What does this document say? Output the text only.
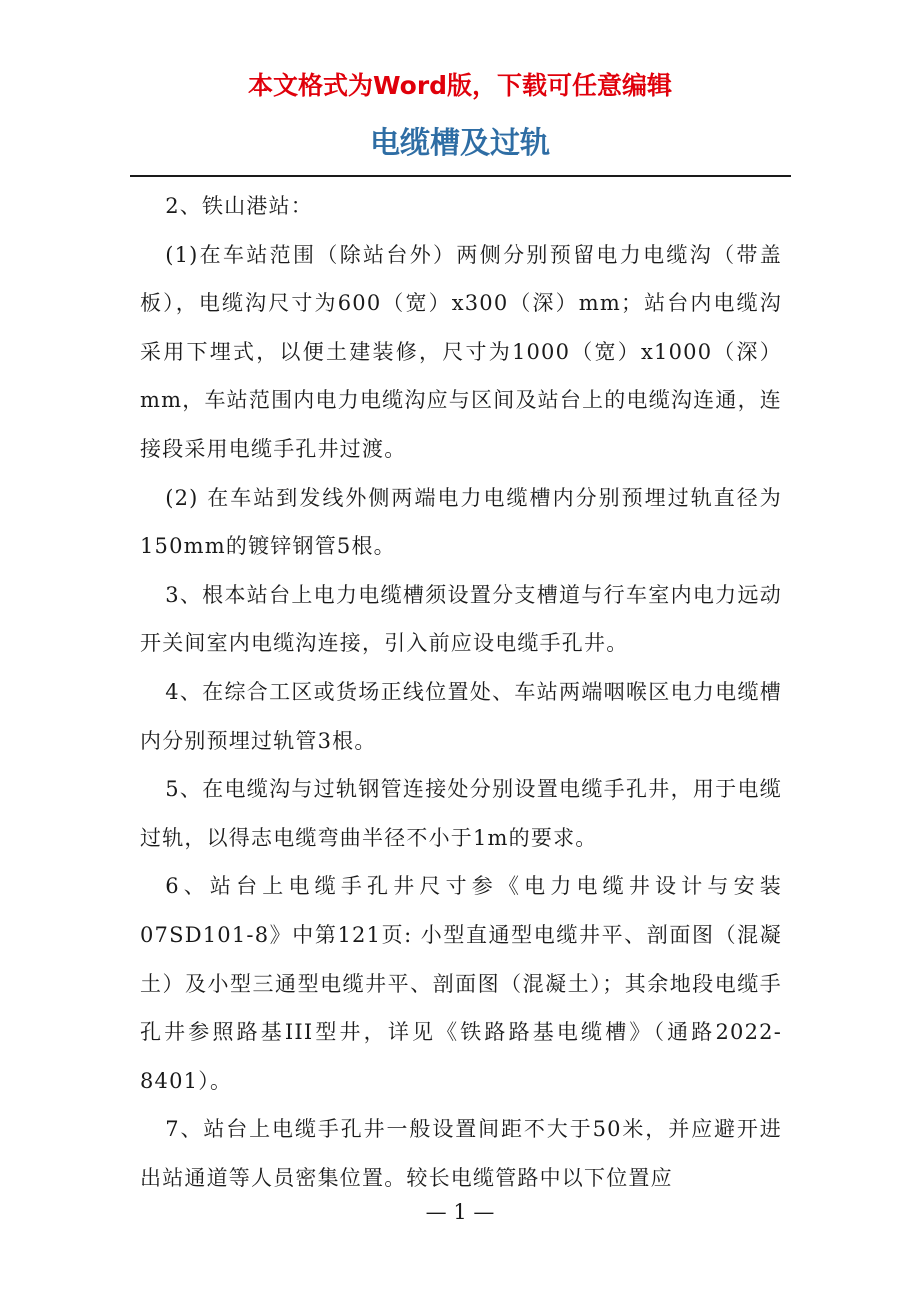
本文格式为Word版，下载可任意编辑
电缆槽及过轨

2、铁山港站：

(1)在车站范围（除站台外）两侧分别预留电力电缆沟（带盖板），电缆沟尺寸为600（宽）x300（深）mm；站台内电缆沟采用下埋式，以便土建装修，尺寸为1000（宽）x1000（深）mm，车站范围内电力电缆沟应与区间及站台上的电缆沟连通，连接段采用电缆手孔井过渡。

(2) 在车站到发线外侧两端电力电缆槽内分别预埋过轨直径为150mm的镀锌钢管5根。

3、根本站台上电力电缆槽须设置分支槽道与行车室内电力远动开关间室内电缆沟连接，引入前应设电缆手孔井。

4、在综合工区或货场正线位置处、车站两端咽喉区电力电缆槽内分别预埋过轨管3根。

5、在电缆沟与过轨钢管连接处分别设置电缆手孔井，用于电缆过轨，以得志电缆弯曲半径不小于1m的要求。

6、站台上电缆手孔井尺寸参《电力电缆井设计与安装07SD101-8》中第121页: 小型直通型电缆井平、剖面图（混凝土）及小型三通型电缆井平、剖面图（混凝土）；其余地段电缆手孔井参照路基III型井，详见《铁路路基电缆槽》（通路2022-8401）。

7、站台上电缆手孔井一般设置间距不大于50米，并应避开进出站通道等人员密集位置。较长电缆管路中以下位置应

— 1 —
